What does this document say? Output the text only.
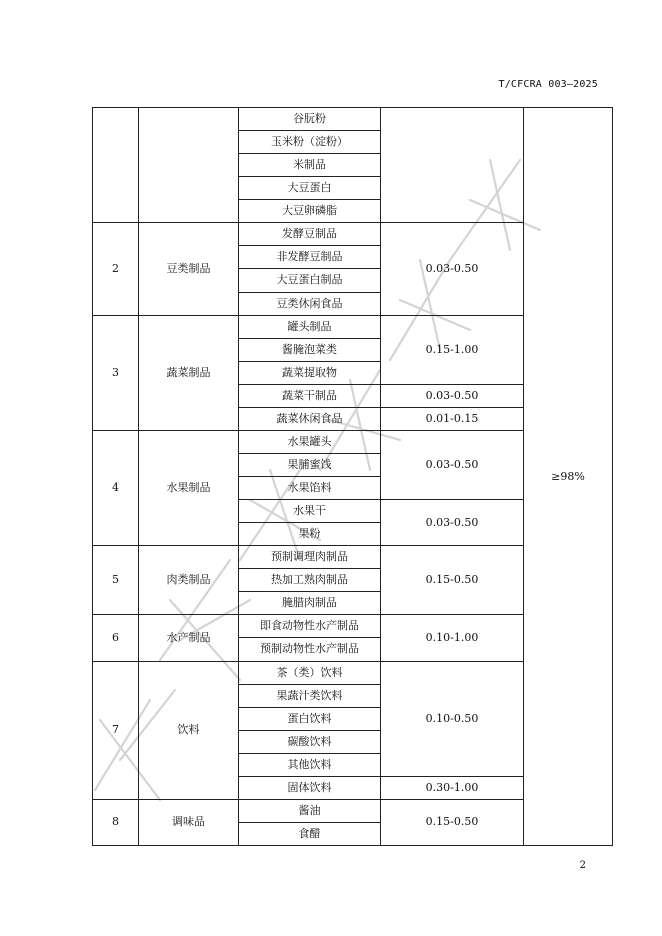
T/CFCRA 003—2025
		谷朊粉		≥98%
		玉米粉（淀粉）		
		米制品		
		大豆蛋白		
		大豆卵磷脂		
2	豆类制品	发酵豆制品	0.03-0.50	
		非发酵豆制品		
		大豆蛋白制品		
		豆类休闲食品		
3	蔬菜制品	罐头制品	0.15-1.00	
		酱腌泡菜类		
		蔬菜提取物		
		蔬菜干制品	0.03-0.50	
		蔬菜休闲食品	0.01-0.15	
4	水果制品	水果罐头	0.03-0.50	
		果脯蜜饯		
		水果馅料		
		水果干	0.03-0.50	
		果粉		
5	肉类制品	预制调理肉制品	0.15-0.50	
		热加工熟肉制品		
		腌腊肉制品		
6	水产制品	即食动物性水产制品	0.10-1.00	
		预制动物性水产制品		
7	饮料	茶（类）饮料	0.10-0.50	
		果蔬汁类饮料		
		蛋白饮料		
		碳酸饮料		
		其他饮料		
		固体饮料	0.30-1.00	
8	调味品	酱油	0.15-0.50	
		食醋		
2
